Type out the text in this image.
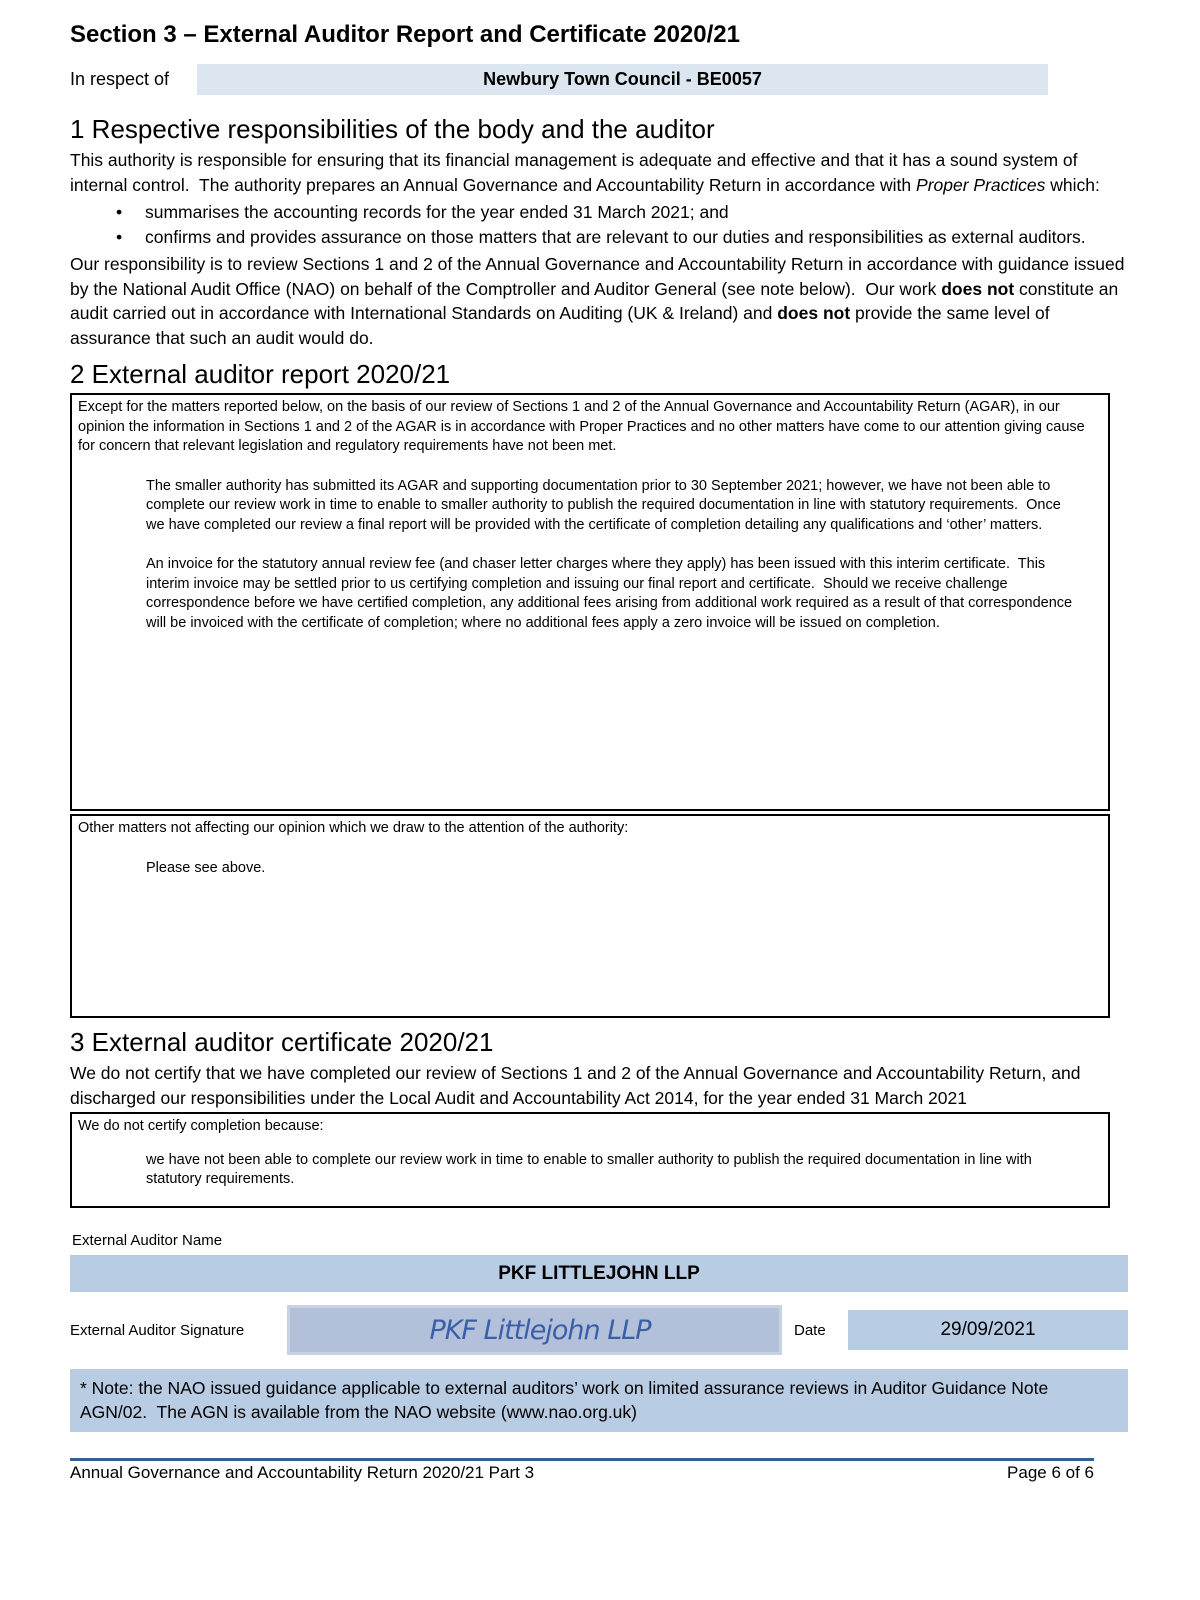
Section 3 – External Auditor Report and Certificate 2020/21
In respect of	Newbury Town Council - BE0057
1 Respective responsibilities of the body and the auditor

This authority is responsible for ensuring that its financial management is adequate and effective and that it has a sound system of internal control.  The authority prepares an Annual Governance and Accountability Return in accordance with Proper Practices which:

• summarises the accounting records for the year ended 31 March 2021; and
• confirms and provides assurance on those matters that are relevant to our duties and responsibilities as external auditors.

Our responsibility is to review Sections 1 and 2 of the Annual Governance and Accountability Return in accordance with guidance issued by the National Audit Office (NAO) on behalf of the Comptroller and Auditor General (see note below).  Our work does not constitute an audit carried out in accordance with International Standards on Auditing (UK & Ireland) and does not provide the same level of assurance that such an audit would do.

2 External auditor report 2020/21

Except for the matters reported below, on the basis of our review of Sections 1 and 2 of the Annual Governance and Accountability Return (AGAR), in our opinion the information in Sections 1 and 2 of the AGAR is in accordance with Proper Practices and no other matters have come to our attention giving cause for concern that relevant legislation and regulatory requirements have not been met.

The smaller authority has submitted its AGAR and supporting documentation prior to 30 September 2021; however, we have not been able to complete our review work in time to enable to smaller authority to publish the required documentation in line with statutory requirements.  Once we have completed our review a final report will be provided with the certificate of completion detailing any qualifications and ‘other’ matters.

An invoice for the statutory annual review fee (and chaser letter charges where they apply) has been issued with this interim certificate.  This interim invoice may be settled prior to us certifying completion and issuing our final report and certificate.  Should we receive challenge correspondence before we have certified completion, any additional fees arising from additional work required as a result of that correspondence will be invoiced with the certificate of completion; where no additional fees apply a zero invoice will be issued on completion.

Other matters not affecting our opinion which we draw to the attention of the authority:

Please see above.

3 External auditor certificate 2020/21

We do not certify that we have completed our review of Sections 1 and 2 of the Annual Governance and Accountability Return, and discharged our responsibilities under the Local Audit and Accountability Act 2014, for the year ended 31 March 2021

We do not certify completion because:

we have not been able to complete our review work in time to enable to smaller authority to publish the required documentation in line with statutory requirements.

External Auditor Name
PKF LITTLEJOHN LLP
External Auditor Signature	PKF Littlejohn LLP	Date	29/09/2021
* Note: the NAO issued guidance applicable to external auditors’ work on limited assurance reviews in Auditor Guidance Note AGN/02.  The AGN is available from the NAO website (www.nao.org.uk)
Annual Governance and Accountability Return 2020/21 Part 3	Page 6 of 6
